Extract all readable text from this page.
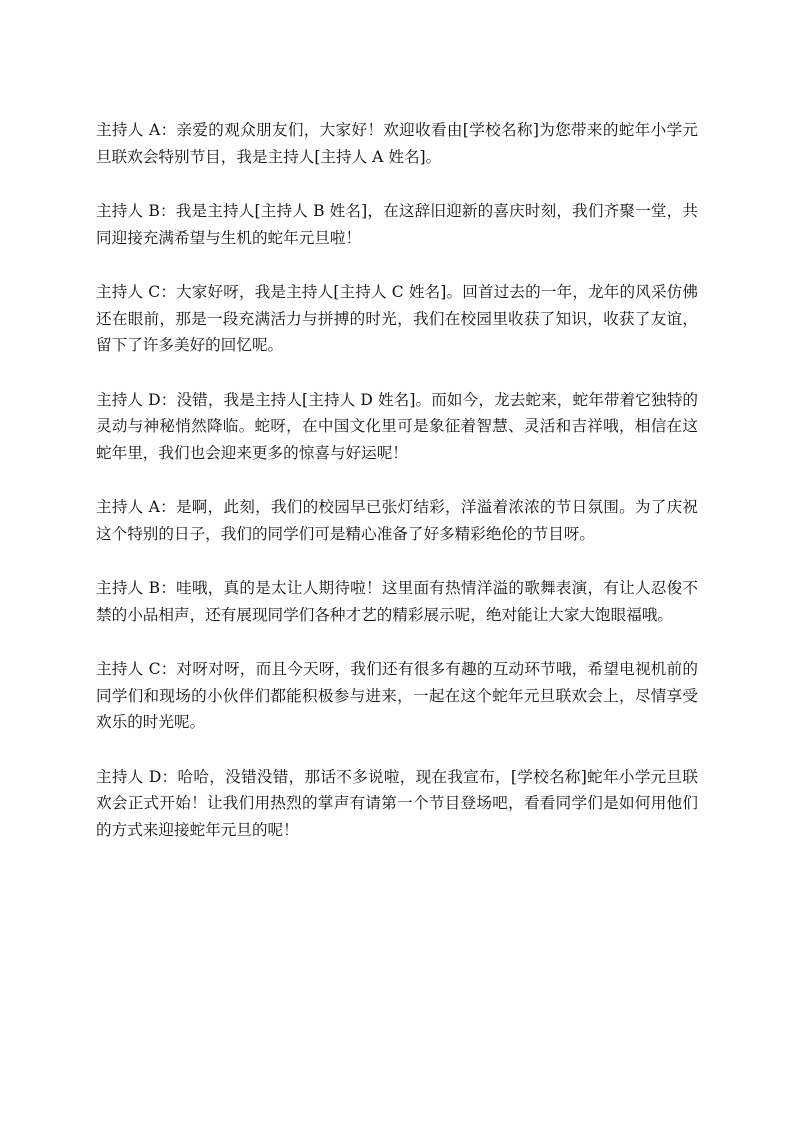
主持人 A：亲爱的观众朋友们，大家好！欢迎收看由[学校名称]为您带来的蛇年小学元旦联欢会特别节目，我是主持人[主持人 A 姓名]。

主持人 B：我是主持人[主持人 B 姓名]，在这辞旧迎新的喜庆时刻，我们齐聚一堂，共同迎接充满希望与生机的蛇年元旦啦！

主持人 C：大家好呀，我是主持人[主持人 C 姓名]。回首过去的一年，龙年的风采仿佛还在眼前，那是一段充满活力与拼搏的时光，我们在校园里收获了知识，收获了友谊，留下了许多美好的回忆呢。

主持人 D：没错，我是主持人[主持人 D 姓名]。而如今，龙去蛇来，蛇年带着它独特的灵动与神秘悄然降临。蛇呀，在中国文化里可是象征着智慧、灵活和吉祥哦，相信在这蛇年里，我们也会迎来更多的惊喜与好运呢！

主持人 A：是啊，此刻，我们的校园早已张灯结彩，洋溢着浓浓的节日氛围。为了庆祝这个特别的日子，我们的同学们可是精心准备了好多精彩绝伦的节目呀。

主持人 B：哇哦，真的是太让人期待啦！这里面有热情洋溢的歌舞表演，有让人忍俊不禁的小品相声，还有展现同学们各种才艺的精彩展示呢，绝对能让大家大饱眼福哦。

主持人 C：对呀对呀，而且今天呀，我们还有很多有趣的互动环节哦，希望电视机前的同学们和现场的小伙伴们都能积极参与进来，一起在这个蛇年元旦联欢会上，尽情享受欢乐的时光呢。

主持人 D：哈哈，没错没错，那话不多说啦，现在我宣布，[学校名称]蛇年小学元旦联欢会正式开始！让我们用热烈的掌声有请第一个节目登场吧，看看同学们是如何用他们的方式来迎接蛇年元旦的呢！
